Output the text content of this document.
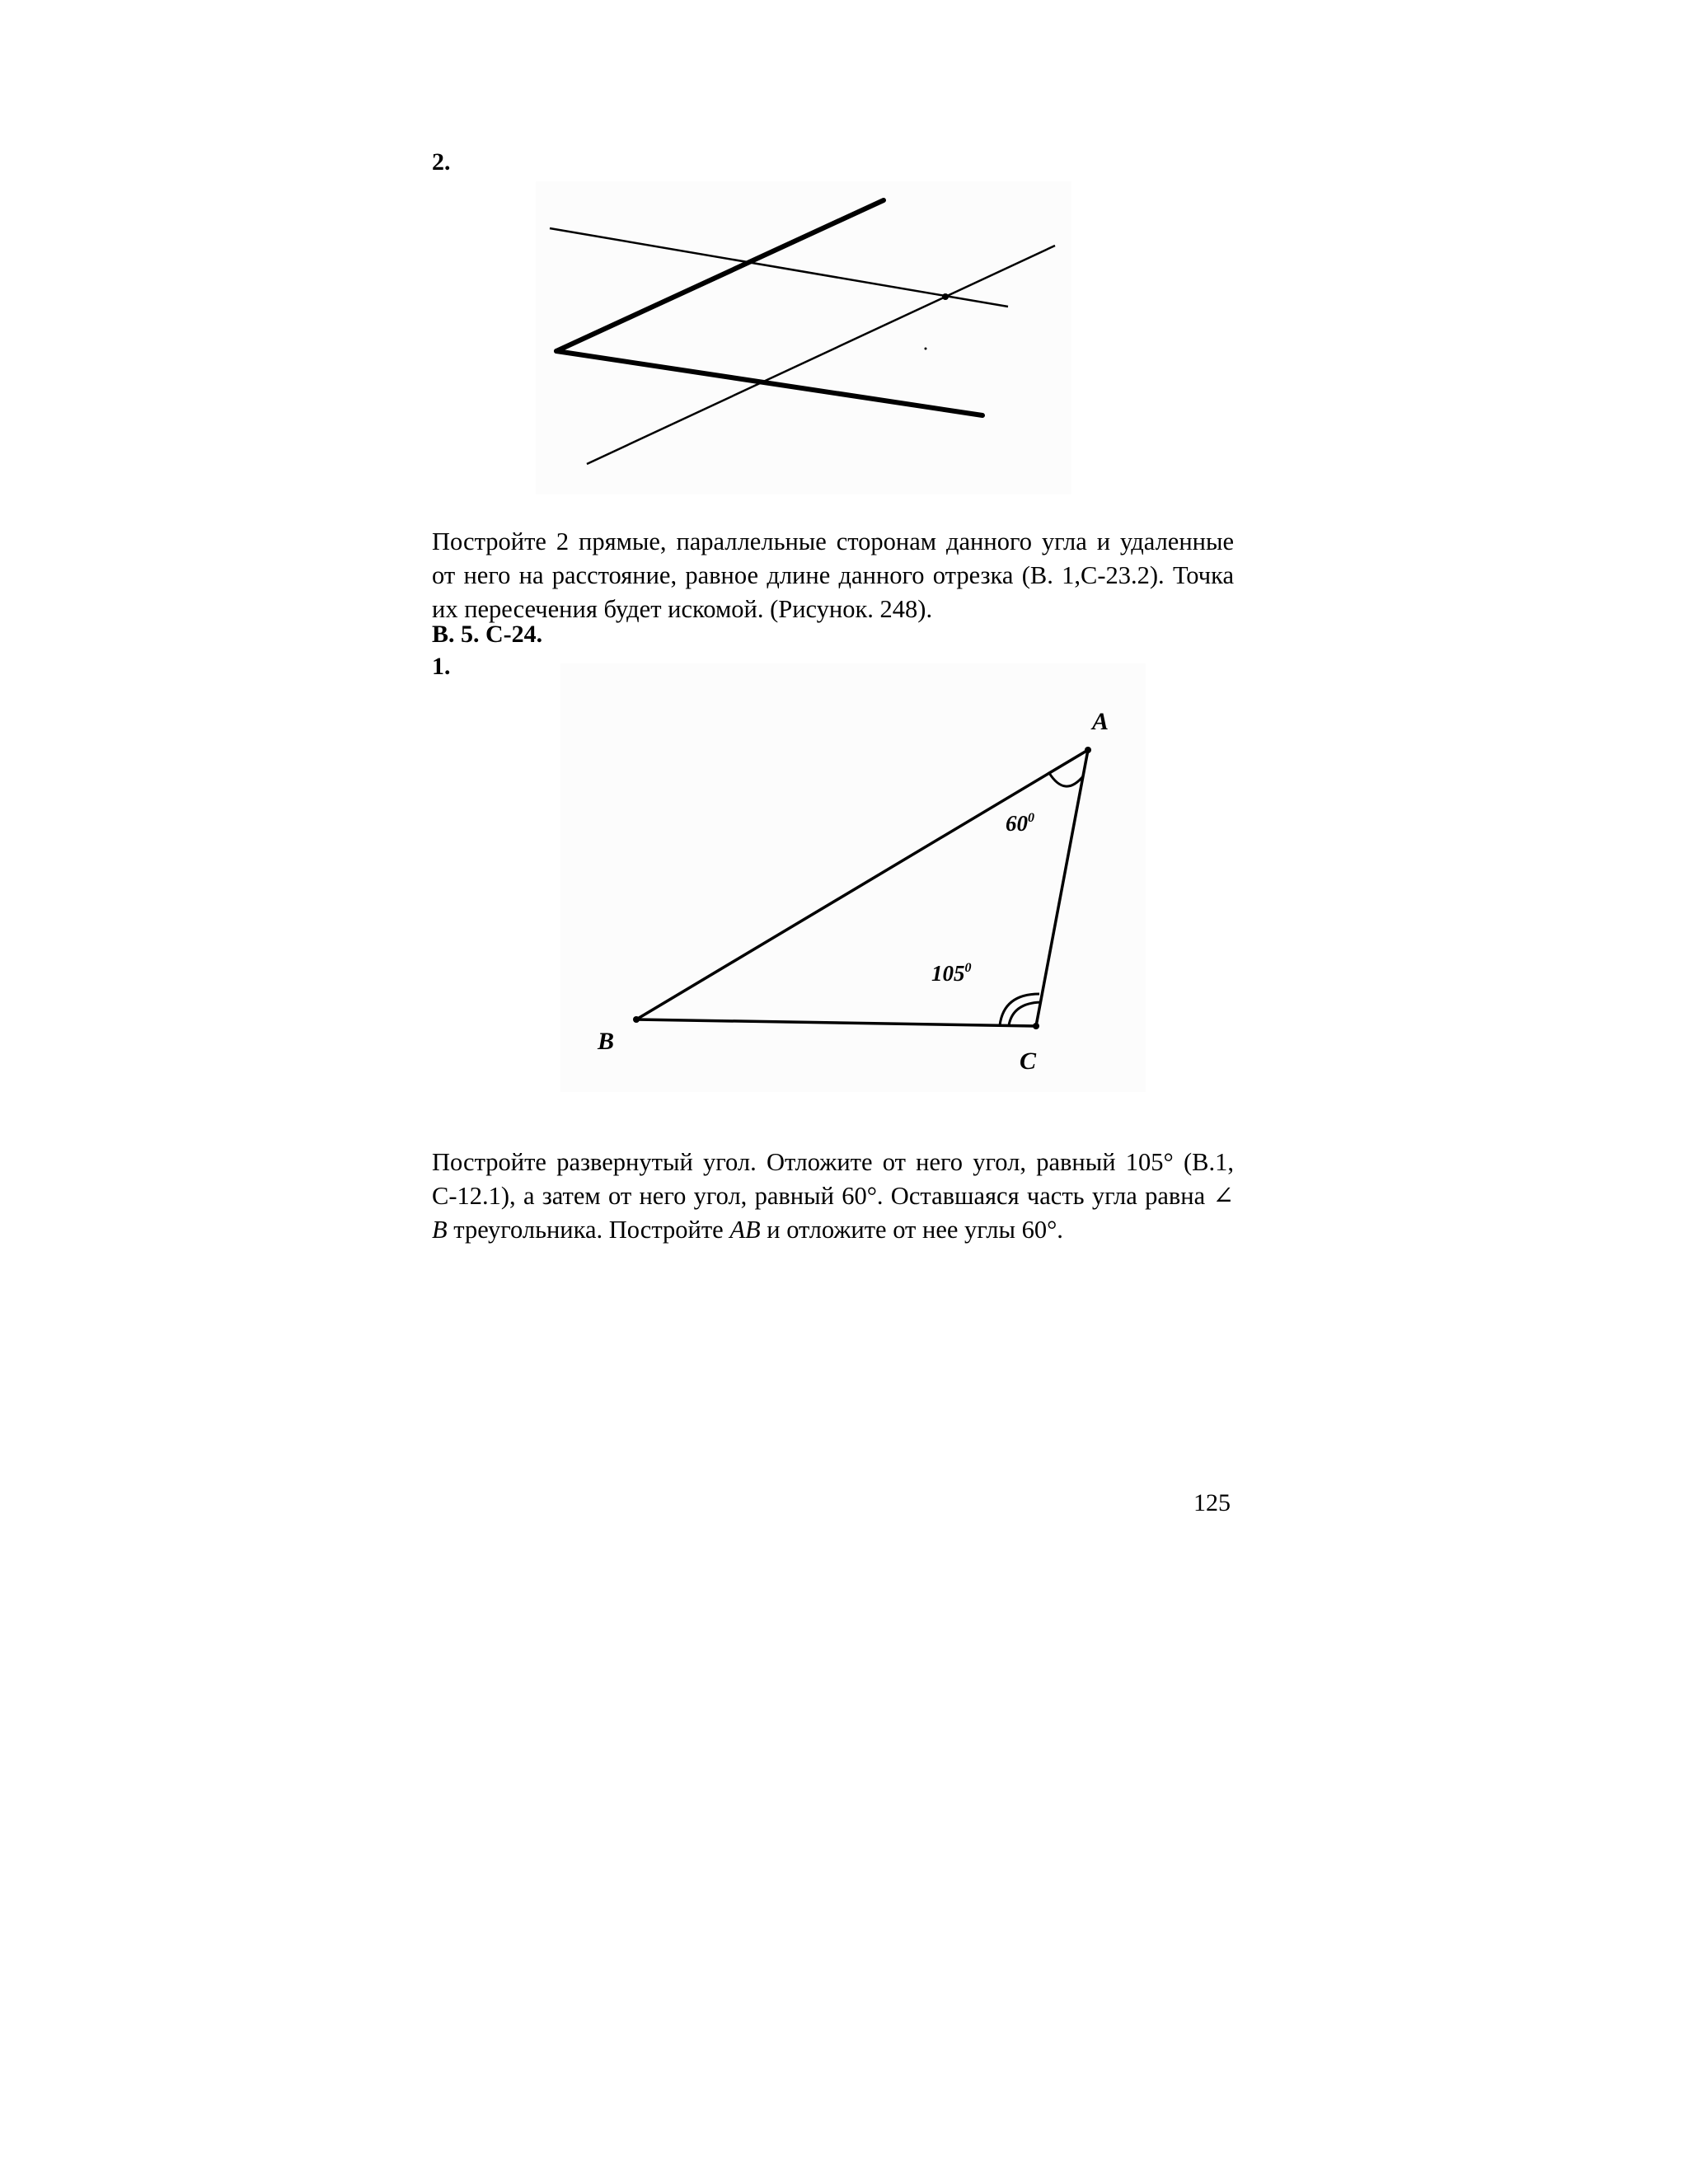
2.

Постройте 2 прямые, параллельные сторонам данного угла и удаленные от него на расстояние, равное длине данного отрезка (В. 1,С-23.2). Точка их пересечения будет искомой. (Рисунок. 248).

В. 5. С-24.
1.
A
B
C
$60^0$
$105^0$

Постройте развернутый угол. Отложите от него угол, равный 105° (В.1, С-12.1), а затем от него угол, равный 60°. Оставшаяся часть угла равна ∠ B треугольника. Постройте AB и отложите от нее углы 60°.

125
